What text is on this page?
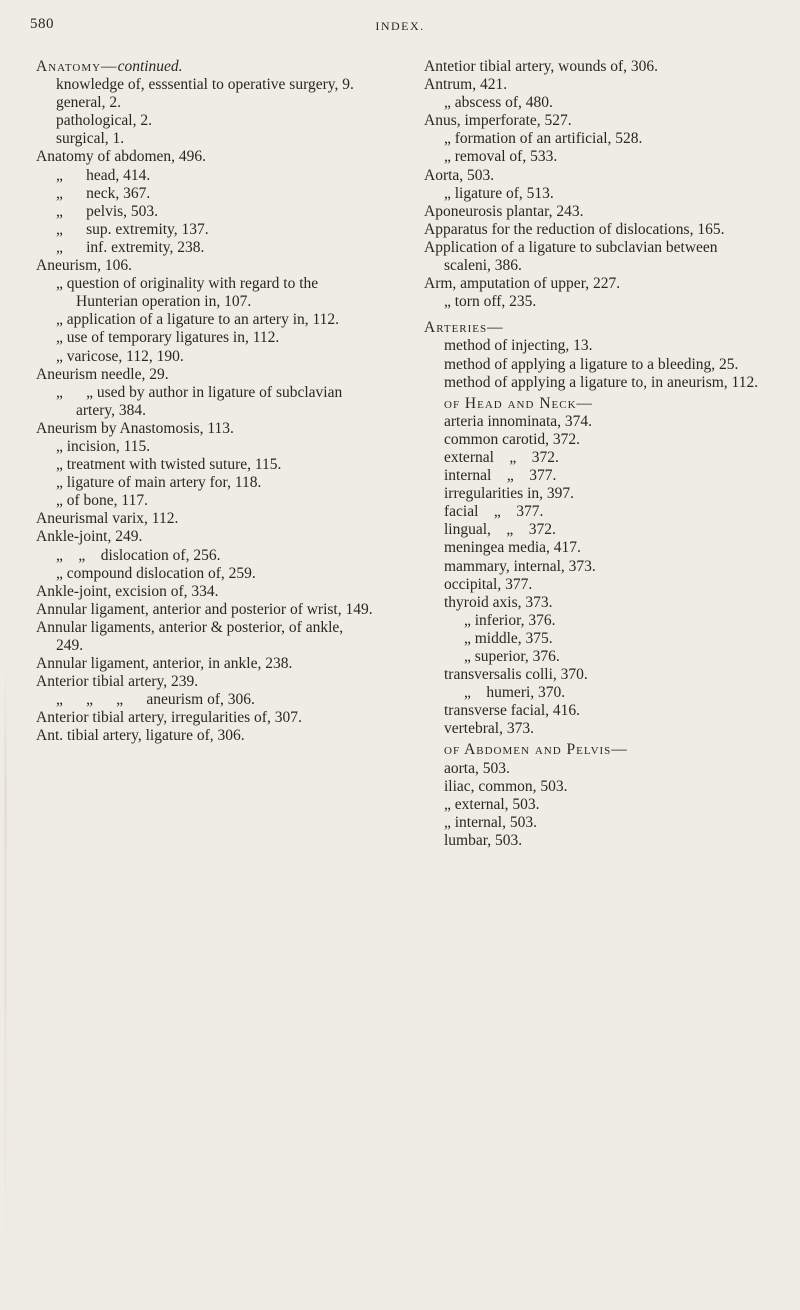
580	INDEX.
Anatomy—continued.
knowledge of, esssential to operative surgery, 9.
general, 2.
pathological, 2.
surgical, 1.
Anatomy of abdomen, 496.
„      head, 414.
„      neck, 367.
„      pelvis, 503.
„      sup. extremity, 137.
„      inf. extremity, 238.
Aneurism, 106.
„ question of originality with regard to the Hunterian operation in, 107.
„ application of a ligature to an artery in, 112.
„ use of temporary ligatures in, 112.
„ varicose, 112, 190.
Aneurism needle, 29.
„      „ used by author in ligature of subclavian artery, 384.
Aneurism by Anastomosis, 113.
„ incision, 115.
„ treatment with twisted suture, 115.
„ ligature of main artery for, 118.
„ of bone, 117.
Aneurismal varix, 112.
Ankle-joint, 249.
„    „    dislocation of, 256.
„ compound dislocation of, 259.
Ankle-joint, excision of, 334.
Annular ligament, anterior and posterior of wrist, 149.
Annular ligaments, anterior & posterior, of ankle, 249.
Annular ligament, anterior, in ankle, 238.
Anterior tibial artery, 239.
„      „      „      aneurism of, 306.
Anterior tibial artery, irregularities of, 307.
Ant. tibial artery, ligature of, 306.
Antetior tibial artery, wounds of, 306.
Antrum, 421.
„ abscess of, 480.
Anus, imperforate, 527.
„ formation of an artificial, 528.
„ removal of, 533.
Aorta, 503.
„ ligature of, 513.
Aponeurosis plantar, 243.
Apparatus for the reduction of dislocations, 165.
Application of a ligature to subclavian between scaleni, 386.
Arm, amputation of upper, 227.
„ torn off, 235.
Arteries—
method of injecting, 13.
method of applying a ligature to a bleeding, 25.
method of applying a ligature to, in aneurism, 112.
of Head and Neck—
arteria innominata, 374.
common carotid, 372.
external    „    372.
internal    „    377.
irregularities in, 397.
facial    „    377.
lingual,    „    372.
meningea media, 417.
mammary, internal, 373.
occipital, 377.
thyroid axis, 373.
„ inferior, 376.
„ middle, 375.
„ superior, 376.
transversalis colli, 370.
„    humeri, 370.
transverse facial, 416.
vertebral, 373.
of Abdomen and Pelvis—
aorta, 503.
iliac, common, 503.
„ external, 503.
„ internal, 503.
lumbar, 503.
